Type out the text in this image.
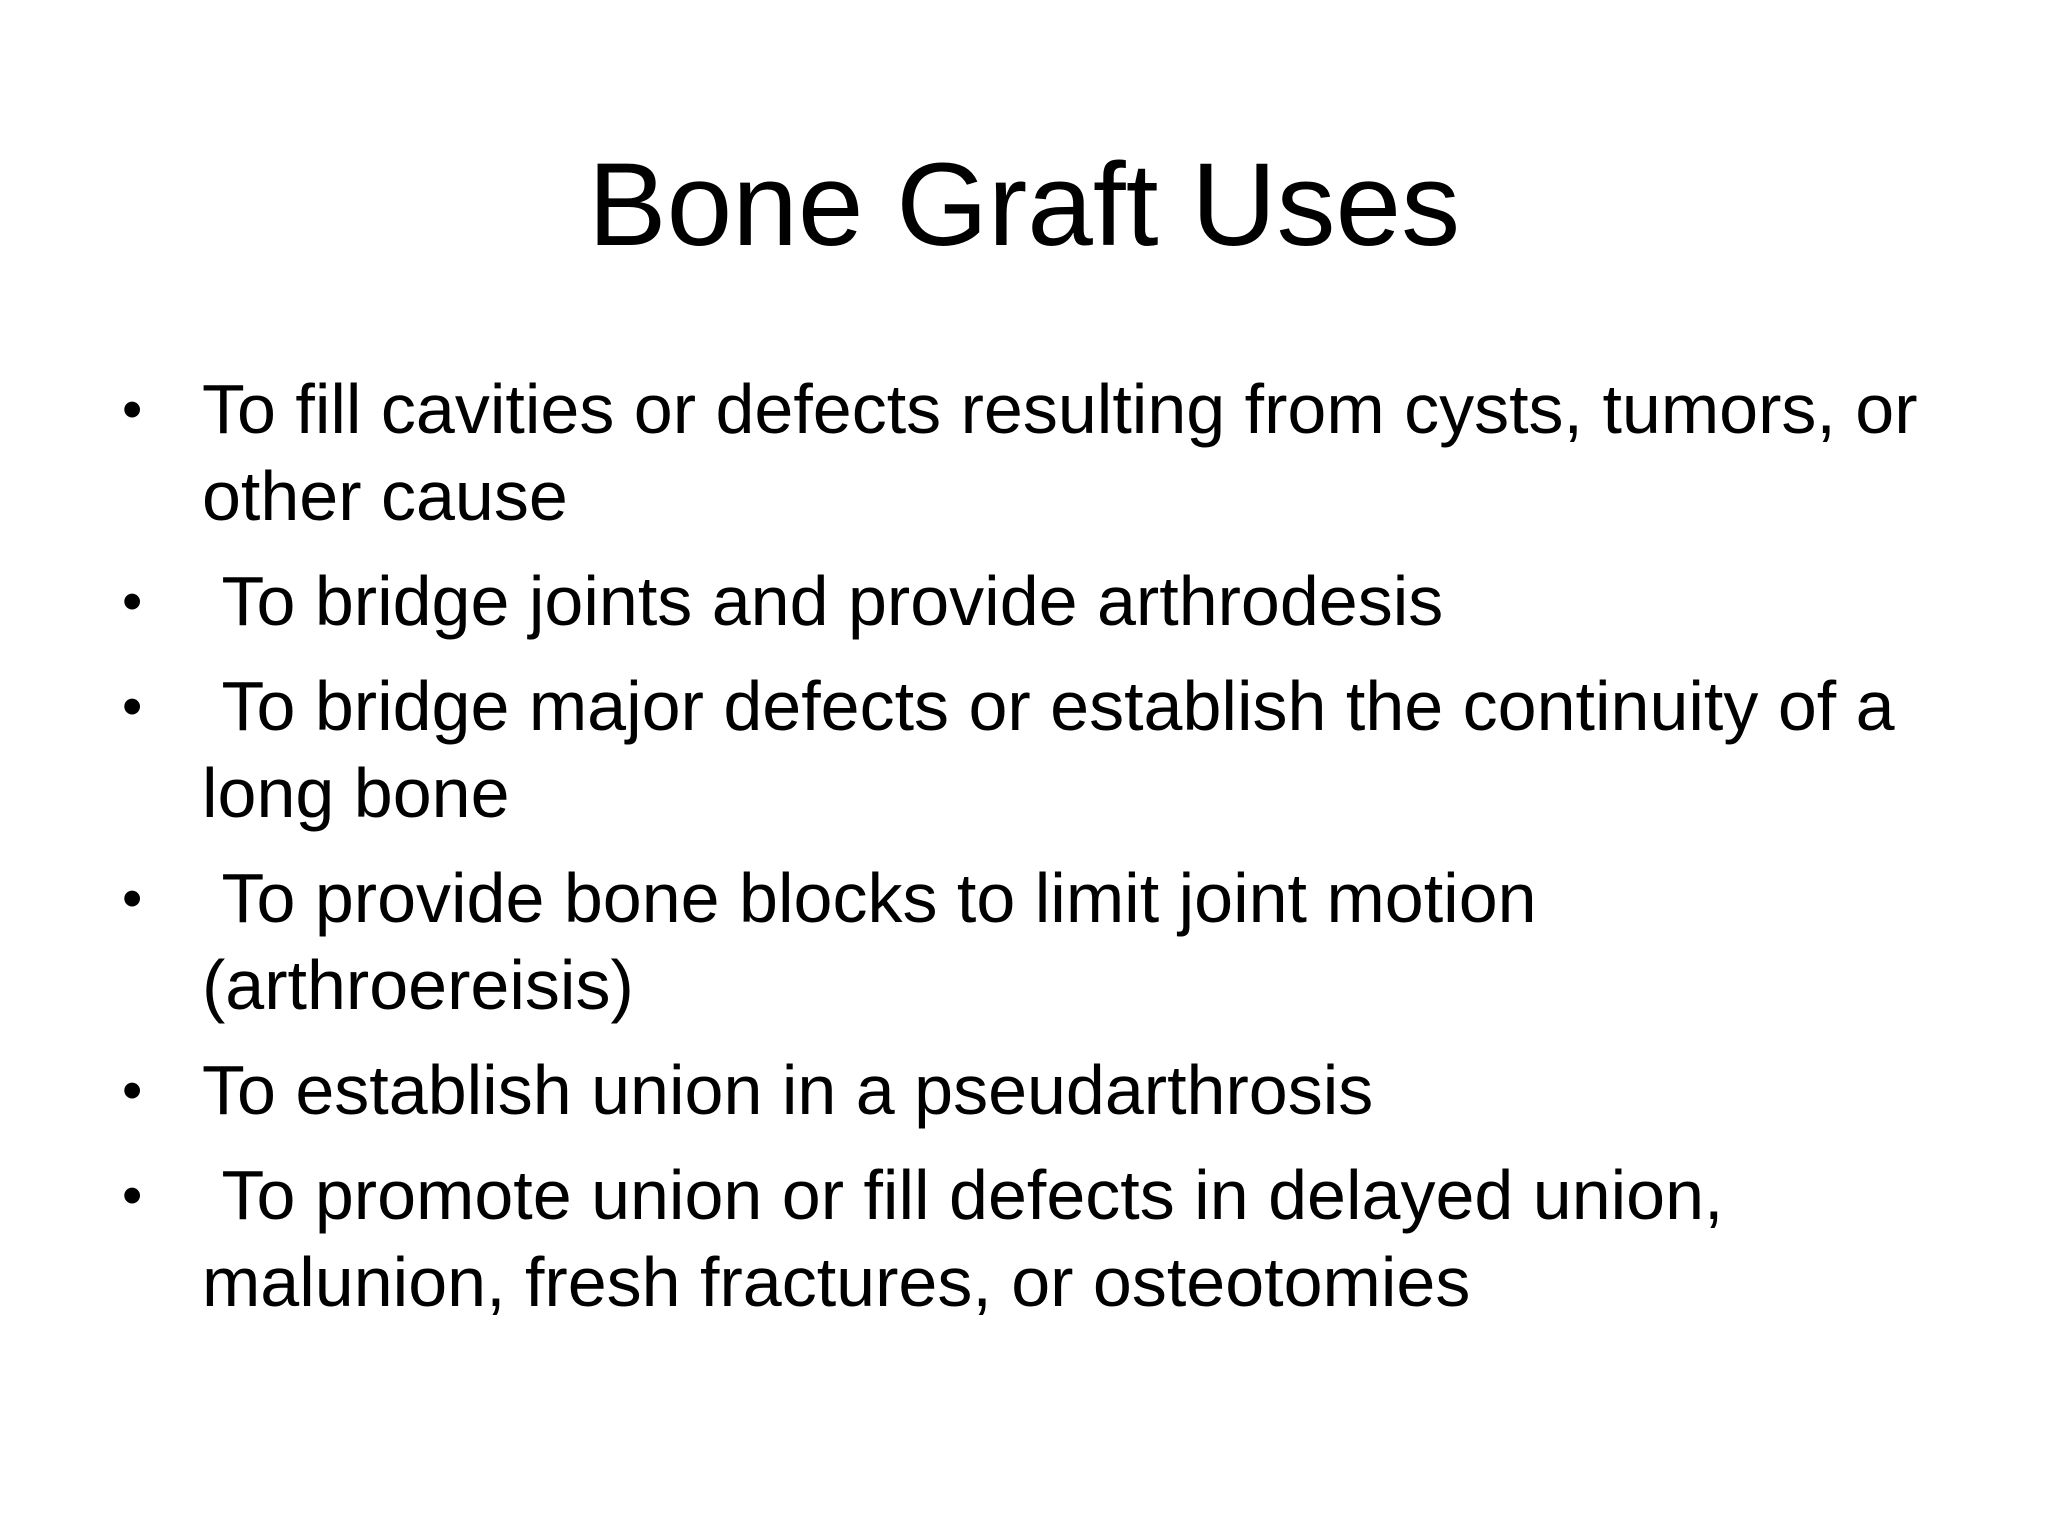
Bone Graft Uses
• To fill cavities or defects resulting from cysts, tumors, or other cause
• To bridge joints and provide arthrodesis
• To bridge major defects or establish the continuity of a long bone
• To provide bone blocks to limit joint motion (arthroereisis)
• To establish union in a pseudarthrosis
• To promote union or fill defects in delayed union, malunion, fresh fractures, or osteotomies
